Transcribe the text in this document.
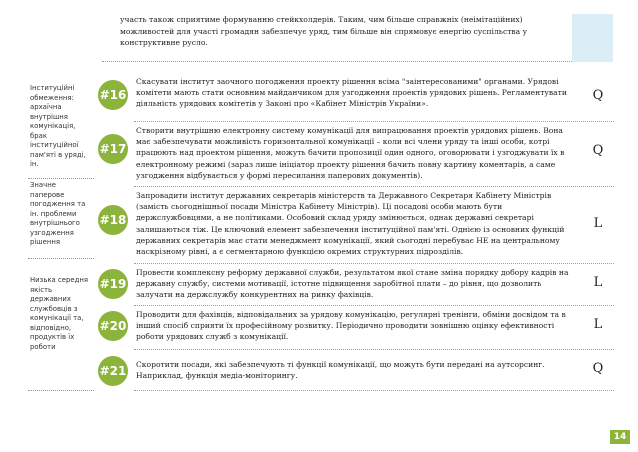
участь також сприятиме формуванню стейкхолдерів. Таким, чим більше справжніх (неімітаційних) можливостей для участі громадян забезпечує уряд, тим більше він спрямовує енергію суспільства у конструктивне русло.
Інституційні обмеження: архаїчна внутрішня комунікація, брак інституційної пам'яті в уряді, ін.
Значне паперове погодження та ін. проблеми внутрішнього узгодження рішення
Низька середня якість державних службовців з комунікації та, відповідно, продуктів їх роботи
#16
Скасувати інститут заочного погодження проекту рішення всіма "заінтересованими" органами. Урядові комітети мають стати основним майданчиком для узгодження проектів урядових рішень. Регламентувати діяльність урядових комітетів у Законі про «Кабінет Міністрів України».
Q
#17
Створити внутрішню електронну систему комунікації для випрацювання проектів урядових рішень. Вона має забезпечувати можливість горизонтальної комунікації – коли всі члени уряду та інші особи, котрі працюють над проектом рішення, можуть бачити пропозиції один одного, оговорювати і узгоджувати їх в електронному режимі (зараз лише ініціатор проекту рішення бачить повну картину коментарів, а саме узгодження відбувається у формі пересилання паперових документів).
Q
#18
Запровадити інститут державних секретарів міністерств та Державного Секретаря Кабінету Міністрів (замість сьогоднішньої посади Міністра Кабінету Міністрів). Ці посадові особи мають бути держслужбовцями, а не політиками. Особовий склад уряду змінюється, однак державні секретарі залишаються тіж. Це ключовий елемент забезпечення інституційної пам'яті. Однією із основних функцій державних секретарів має стати менеджмент комунікації, який сьогодні перебуває НЕ на центральному наскрізному рівні, а є сегментарною функцією окремих структурних підрозділів.
L
#19
Провести комплексну реформу державної служби, результатом якої стане зміна порядку добору кадрів на державну службу, системи мотивації, істотне підвищення заробітної плати – до рівня, що дозволить залучати на держслужбу конкурентних на ринку фахівців.
L
#20
Проводити для фахівців, відповідальних за урядову комунікацію, регулярні тренінги, обміни досвідом та в інший спосіб сприяти їх професійному розвитку. Періодично проводити зовнішню оцінку ефективності роботи урядових служб з комунікації.
L
#21 Скоротити посади, які забезпечують ті функції комунікації, що можуть бути передані на аутсорсинг. Наприклад, функція медіа-моніторингу.	Q
14
